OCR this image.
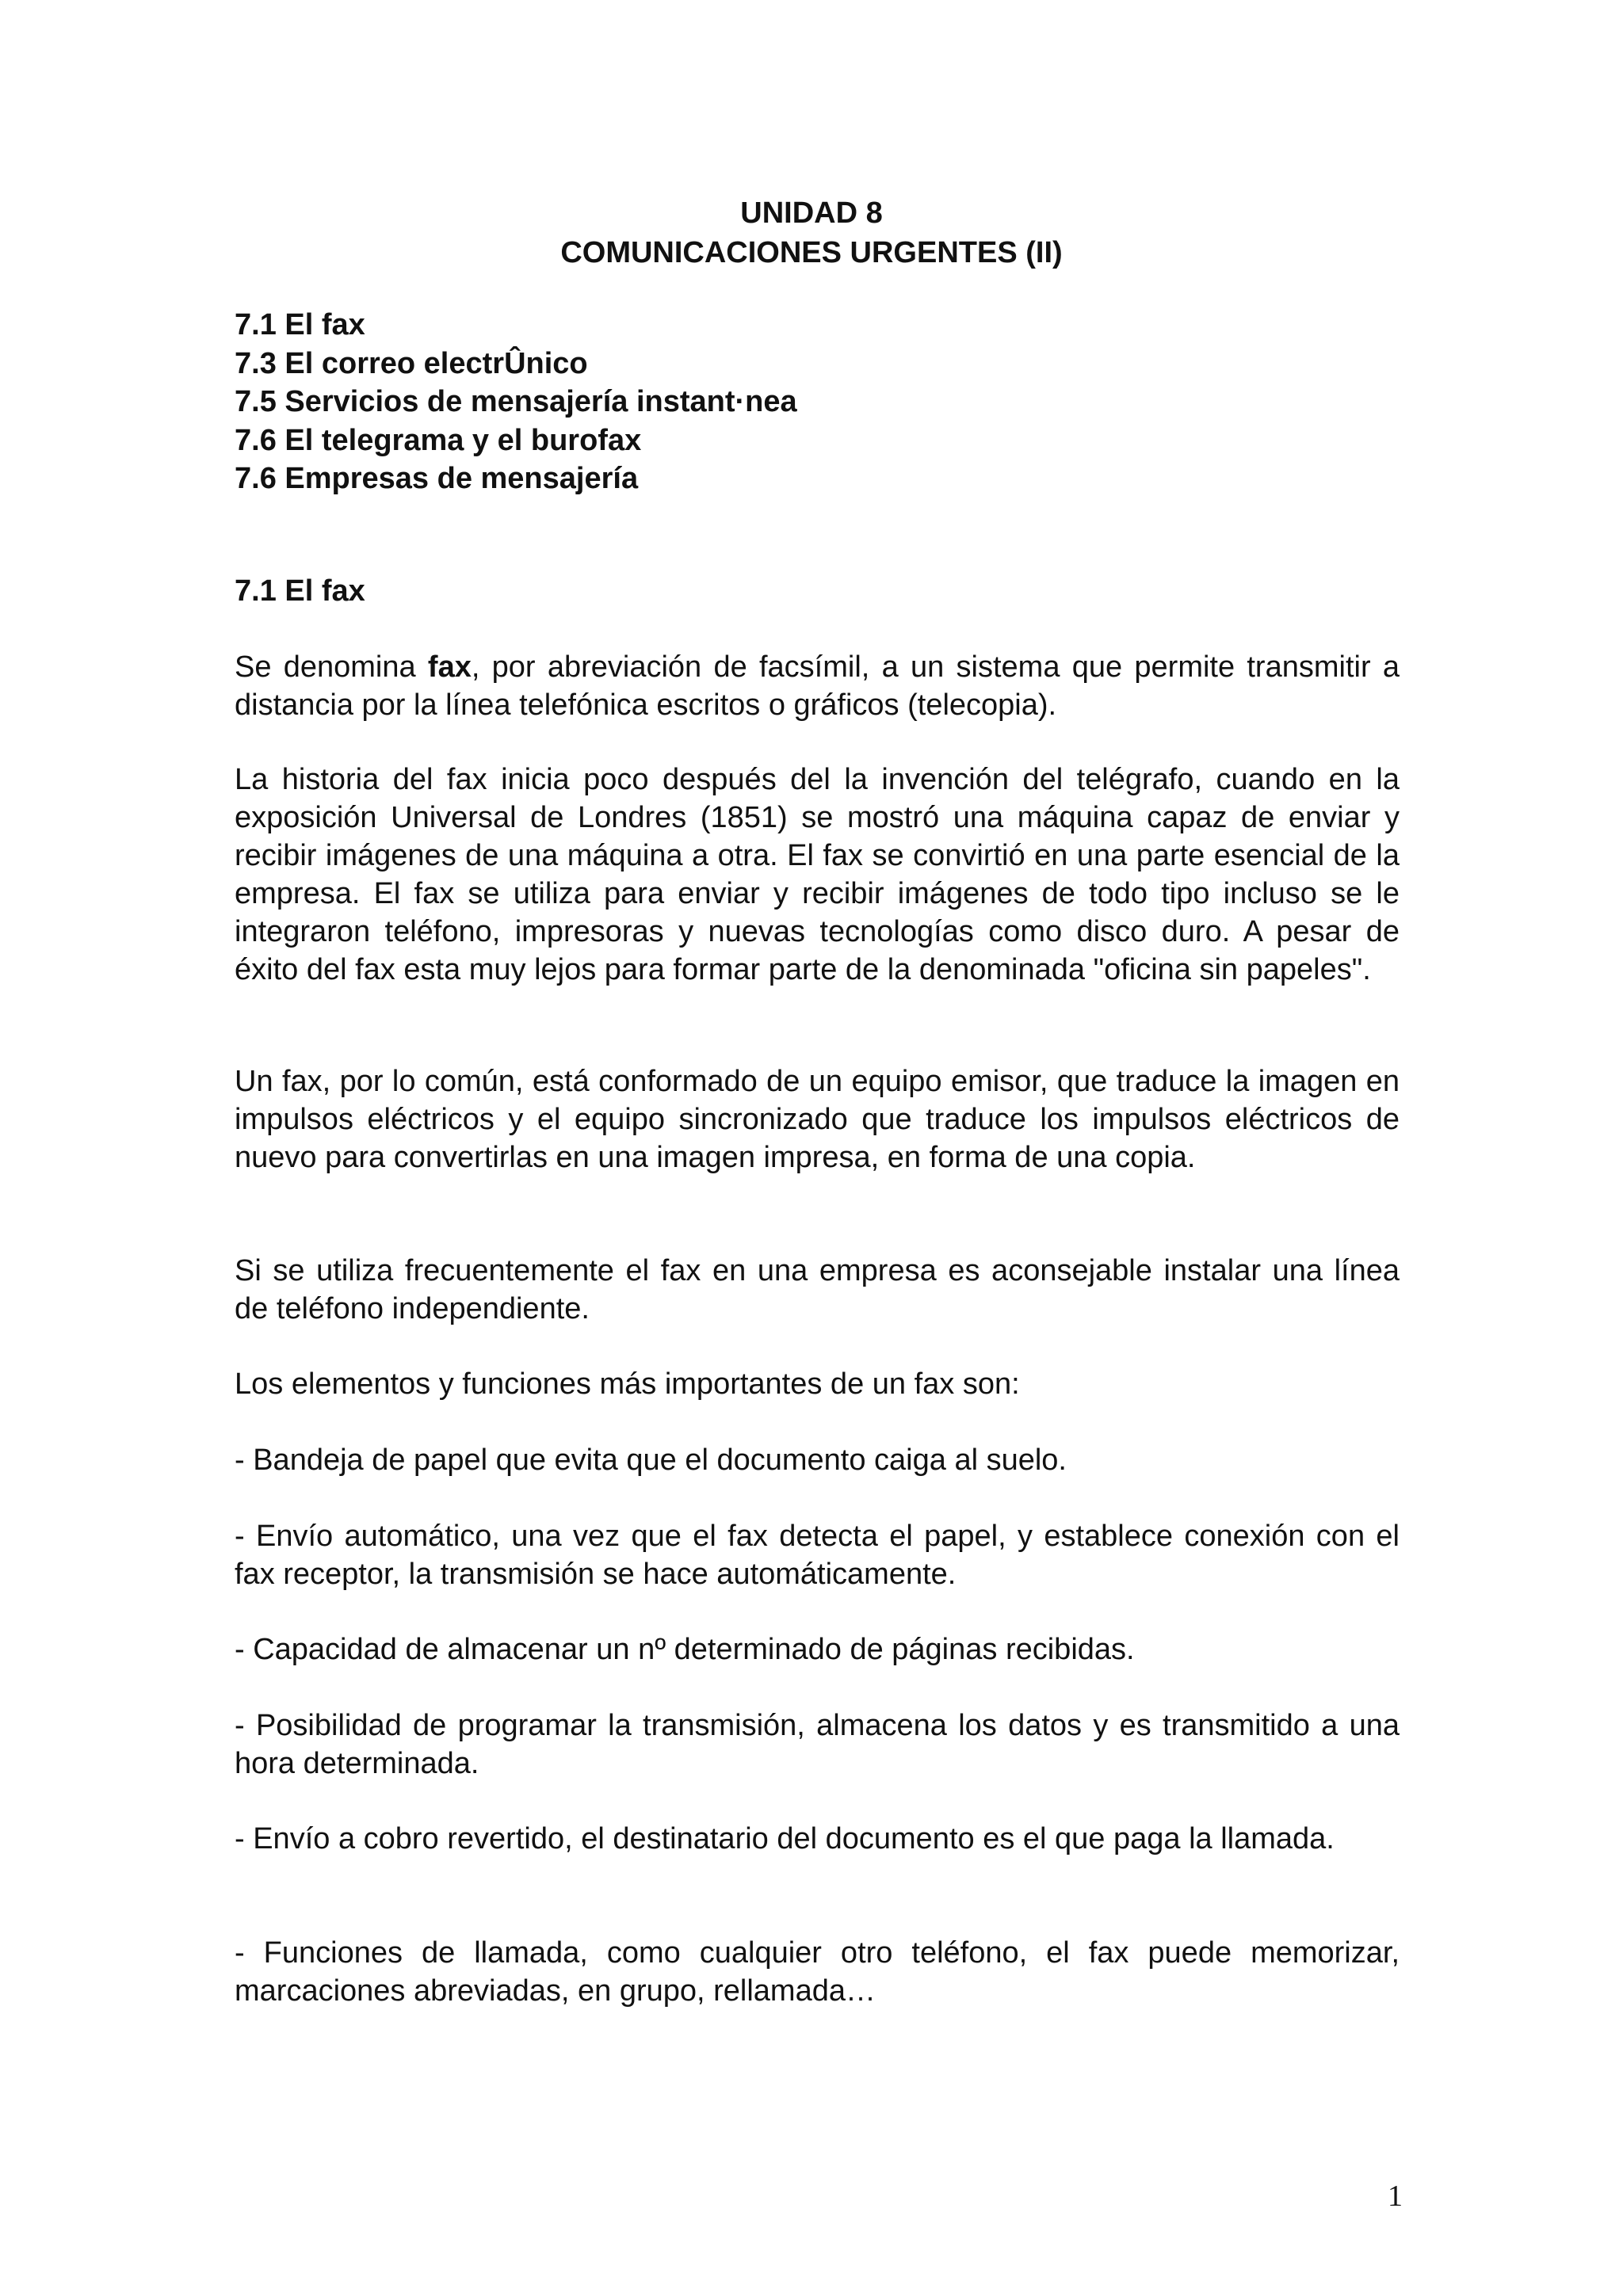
UNIDAD 8
COMUNICACIONES URGENTES (II)
7.1 El fax
7.3 El correo electrÛnico
7.5 Servicios de mensajería instant·nea
7.6 El telegrama y el burofax
7.6 Empresas de mensajería
7.1 El fax
Se denomina fax, por abreviación de facsímil, a un sistema que permite transmitir a distancia por la línea telefónica escritos o gráficos (telecopia).
La historia del fax inicia poco después del la invención del telégrafo, cuando en la exposición Universal de Londres (1851) se mostró una máquina capaz de enviar y recibir imágenes de una máquina a otra. El fax se convirtió en una parte esencial de la empresa. El fax se utiliza para enviar y recibir imágenes de todo tipo incluso se le integraron teléfono, impresoras y nuevas tecnologías como disco duro. A pesar de éxito del fax esta muy lejos para formar parte de la denominada "oficina sin papeles".
Un fax, por lo común, está conformado de un equipo emisor, que traduce la imagen en impulsos eléctricos y el equipo sincronizado que traduce los impulsos eléctricos de nuevo para convertirlas en una imagen impresa, en forma de una copia.
Si se utiliza frecuentemente el fax en una empresa es aconsejable instalar una línea de teléfono independiente.
Los elementos y funciones más importantes de un fax son:
- Bandeja de papel que evita que el documento caiga al suelo.
- Envío automático, una vez que el fax detecta el papel, y establece conexión con el fax receptor, la transmisión se hace automáticamente.
- Capacidad de almacenar un nº determinado de páginas recibidas.
- Posibilidad de programar la transmisión, almacena los datos y es transmitido a una hora determinada.
- Envío a cobro revertido, el destinatario del documento es el que paga la llamada.
- Funciones de llamada, como cualquier otro teléfono, el fax puede memorizar, marcaciones abreviadas, en grupo, rellamada…
1
